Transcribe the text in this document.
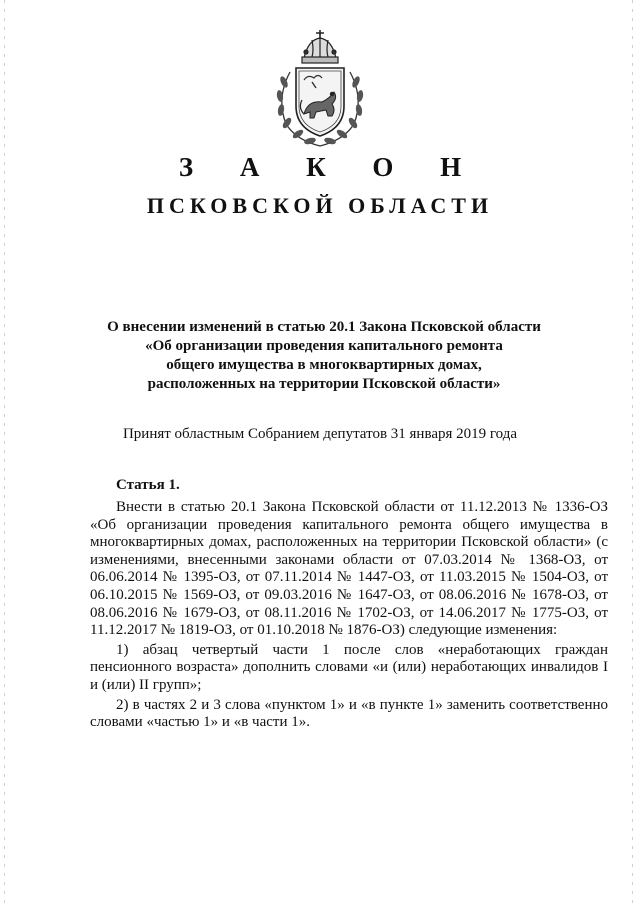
З А К О Н
ПСКОВСКОЙ ОБЛАСТИ
О внесении изменений в статью 20.1 Закона Псковской области
«Об организации проведения капитального ремонта
общего имущества в многоквартирных домах,
расположенных на территории Псковской области»
Принят областным Собранием депутатов 31 января 2019 года
Статья 1.

Внести в статью 20.1 Закона Псковской области от 11.12.2013 № 1336-ОЗ «Об организации проведения капитального ремонта общего имущества в многоквартирных домах, расположенных на территории Псковской области» (с изменениями, внесенными законами области от 07.03.2014 № 1368-ОЗ, от 06.06.2014 № 1395-ОЗ, от 07.11.2014 № 1447-ОЗ, от 11.03.2015 № 1504-ОЗ, от 06.10.2015 № 1569-ОЗ, от 09.03.2016 № 1647-ОЗ, от 08.06.2016 № 1678-ОЗ, от 08.06.2016 № 1679-ОЗ, от 08.11.2016 № 1702-ОЗ, от 14.06.2017 № 1775-ОЗ, от 11.12.2017 № 1819-ОЗ, от 01.10.2018 № 1876-ОЗ) следующие изменения:

1) абзац четвертый части 1 после слов «неработающих граждан пенсионного возраста» дополнить словами «и (или) неработающих инвалидов I и (или) II групп»;

2) в частях 2 и 3 слова «пунктом 1» и «в пункте 1» заменить соответственно словами «частью 1» и «в части 1».
